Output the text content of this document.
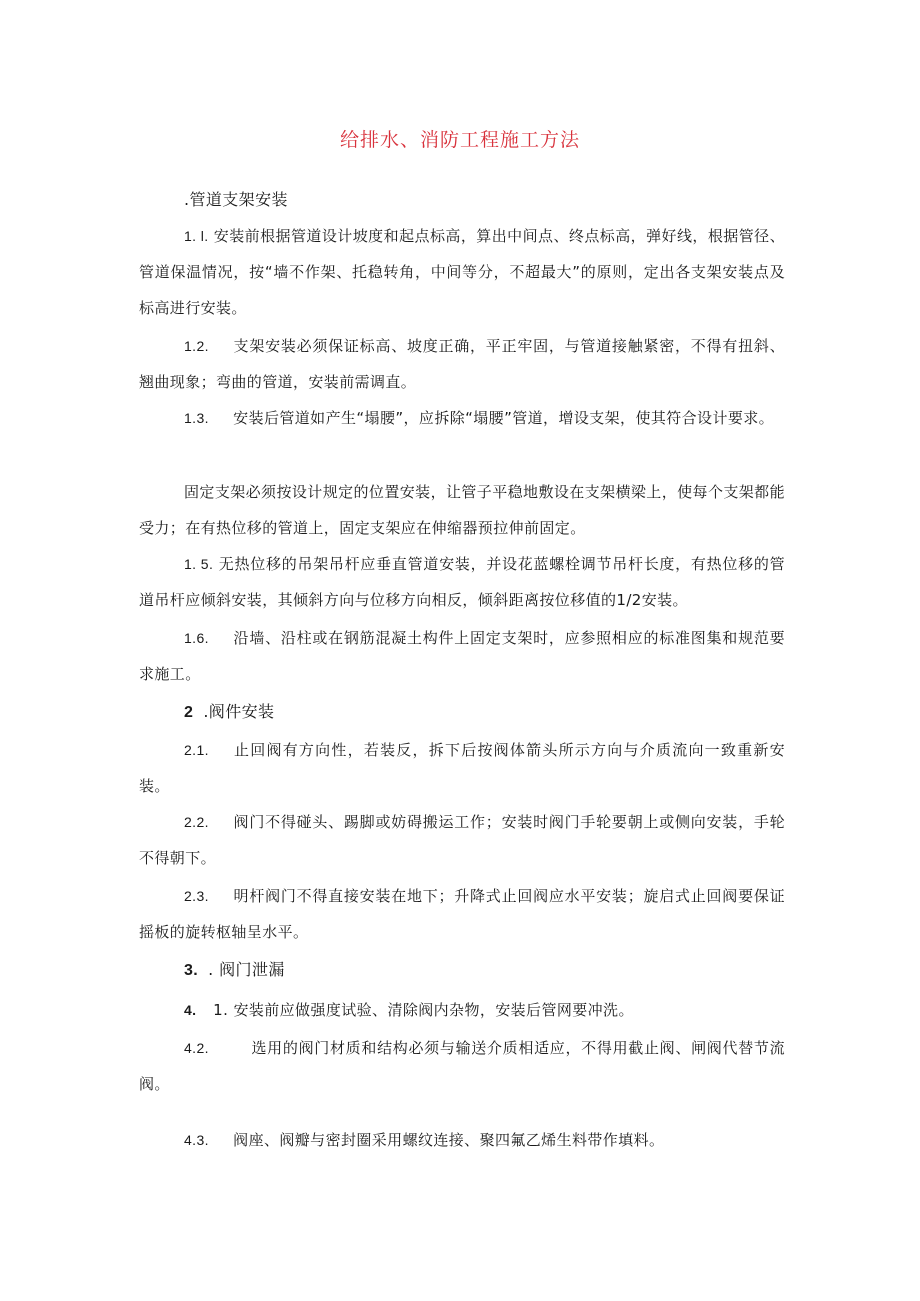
给排水、消防工程施工方法
.管道支架安装
1. l. 安装前根据管道设计坡度和起点标高，算出中间点、终点标高，弹好线，根据管径、管道保温情况，按“墙不作架、托稳转角，中间等分，不超最大”的原则，定出各支架安装点及标高进行安装。
1.2. 支架安装必须保证标高、坡度正确，平正牢固，与管道接触紧密，不得有扭斜、翘曲现象；弯曲的管道，安装前需调直。
1.3. 安装后管道如产生“塌腰”，应拆除“塌腰”管道，增设支架，使其符合设计要求。
固定支架必须按设计规定的位置安装，让管子平稳地敷设在支架横梁上，使每个支架都能受力；在有热位移的管道上，固定支架应在伸缩器预拉伸前固定。
1. 5. 无热位移的吊架吊杆应垂直管道安装，并设花蓝螺栓调节吊杆长度，有热位移的管道吊杆应倾斜安装，其倾斜方向与位移方向相反，倾斜距离按位移值的1/2安装。
1.6. 沿墙、沿柱或在钢筋混凝土构件上固定支架时，应参照相应的标准图集和规范要求施工。
2 .阀件安装
2.1. 止回阀有方向性，若装反，拆下后按阀体箭头所示方向与介质流向一致重新安装。
2.2. 阀门不得碰头、踢脚或妨碍搬运工作；安装时阀门手轮要朝上或侧向安装，手轮不得朝下。
2.3. 明杆阀门不得直接安装在地下；升降式止回阀应水平安装；旋启式止回阀要保证摇板的旋转枢轴呈水平。
3. . 阀门泄漏
4. 1. 安装前应做强度试验、清除阀内杂物，安装后管网要冲洗。
4.2.	选用的阀门材质和结构必须与输送介质相适应，不得用截止阀、闸阀代替节流阀。
4.3. 阀座、阀瓣与密封圈采用螺纹连接、聚四氟乙烯生料带作填料。
